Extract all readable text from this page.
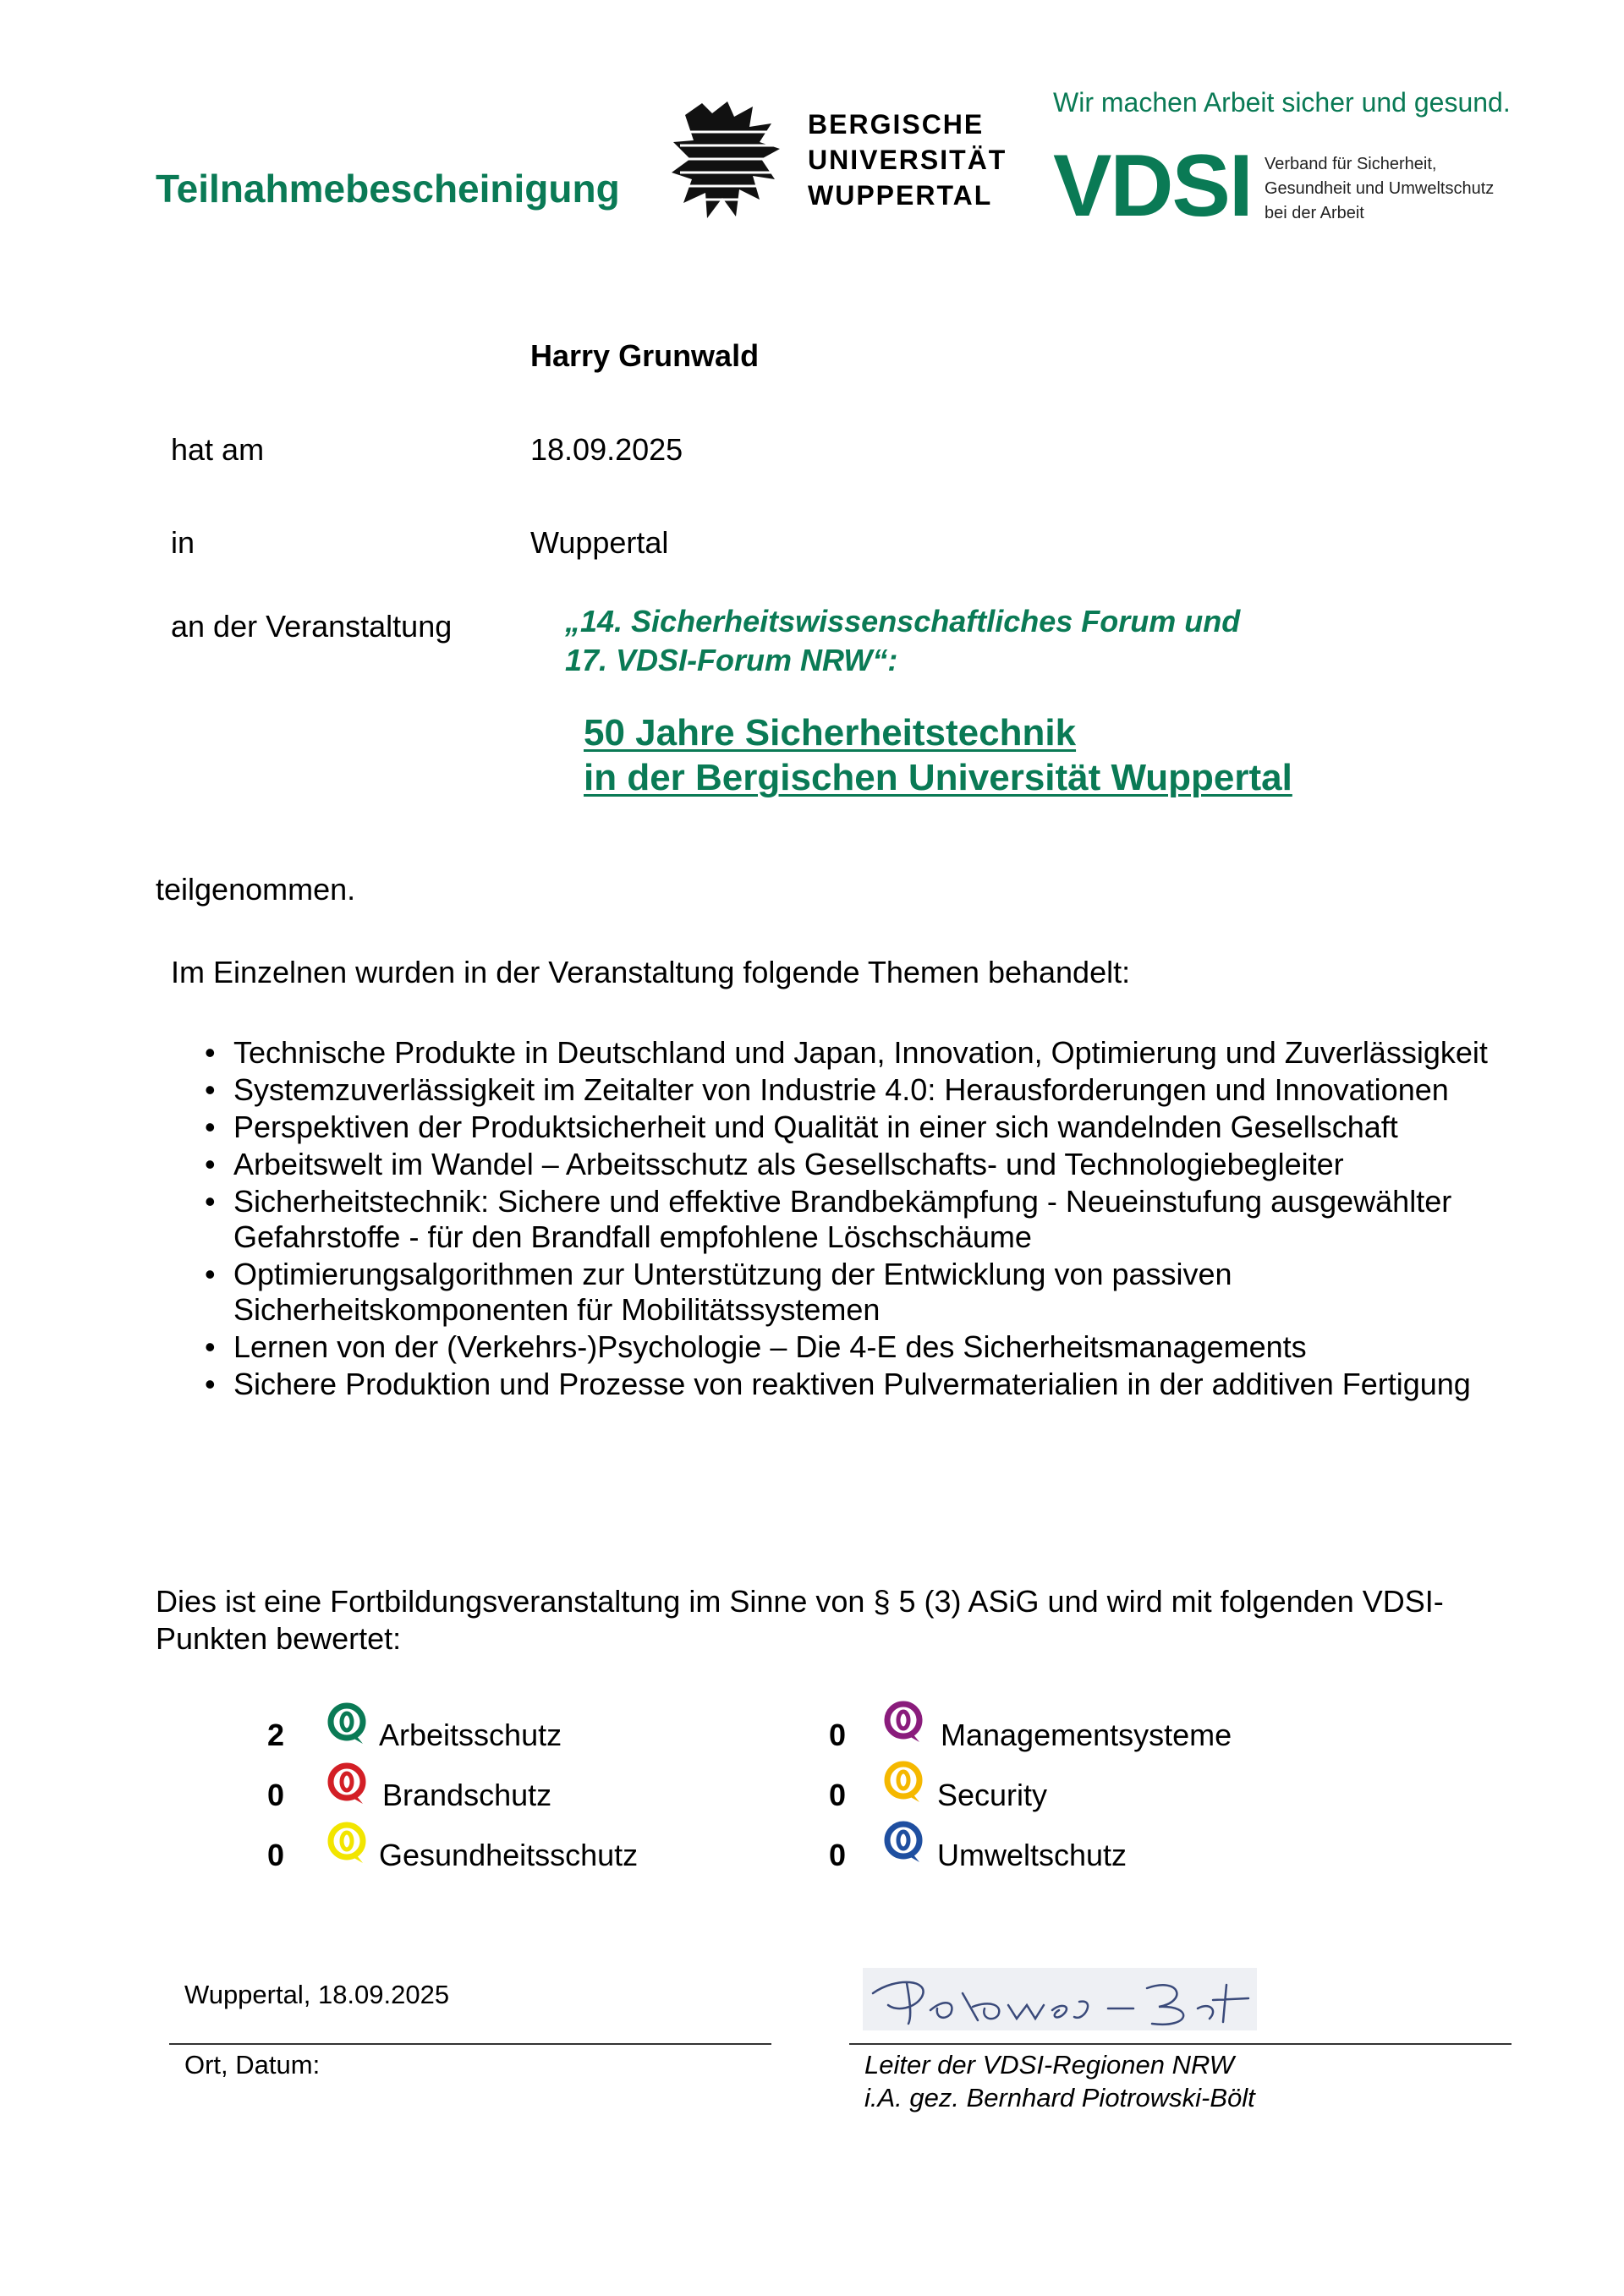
Teilnahmebescheinigung
BERGISCHE
UNIVERSITÄT
WUPPERTAL
Wir machen Arbeit sicher und gesund.
VDSI Verband für Sicherheit,
Gesundheit und Umweltschutz
bei der Arbeit
Harry Grunwald
hat am	18.09.2025
in	Wuppertal
an der Veranstaltung	„14. Sicherheitswissenschaftliches Forum und
17. VDSI-Forum NRW“:
50 Jahre Sicherheitstechnik
in der Bergischen Universität Wuppertal
teilgenommen.
Im Einzelnen wurden in der Veranstaltung folgende Themen behandelt:
• Technische Produkte in Deutschland und Japan, Innovation, Optimierung und Zuverlässigkeit
• Systemzuverlässigkeit im Zeitalter von Industrie 4.0: Herausforderungen und Innovationen
• Perspektiven der Produktsicherheit und Qualität in einer sich wandelnden Gesellschaft
• Arbeitswelt im Wandel – Arbeitsschutz als Gesellschafts- und Technologiebegleiter
• Sicherheitstechnik: Sichere und effektive Brandbekämpfung - Neueinstufung ausgewählter Gefahrstoffe - für den Brandfall empfohlene Löschschäume
• Optimierungsalgorithmen zur Unterstützung der Entwicklung von passiven Sicherheitskomponenten für Mobilitätssystemen
• Lernen von der (Verkehrs-)Psychologie – Die 4-E des Sicherheitsmanagements
• Sichere Produktion und Prozesse von reaktiven Pulvermaterialien in der additiven Fertigung
Dies ist eine Fortbildungsveranstaltung im Sinne von § 5 (3) ASiG und wird mit folgenden VDSI-Punkten bewertet:
2	Arbeitsschutz
0	Brandschutz
0	Gesundheitsschutz
0	Managementsysteme
0	Security
0	Umweltschutz
Wuppertal, 18.09.2025
Ort, Datum:	Leiter der VDSI-Regionen NRW
i.A. gez. Bernhard Piotrowski-Bölt
